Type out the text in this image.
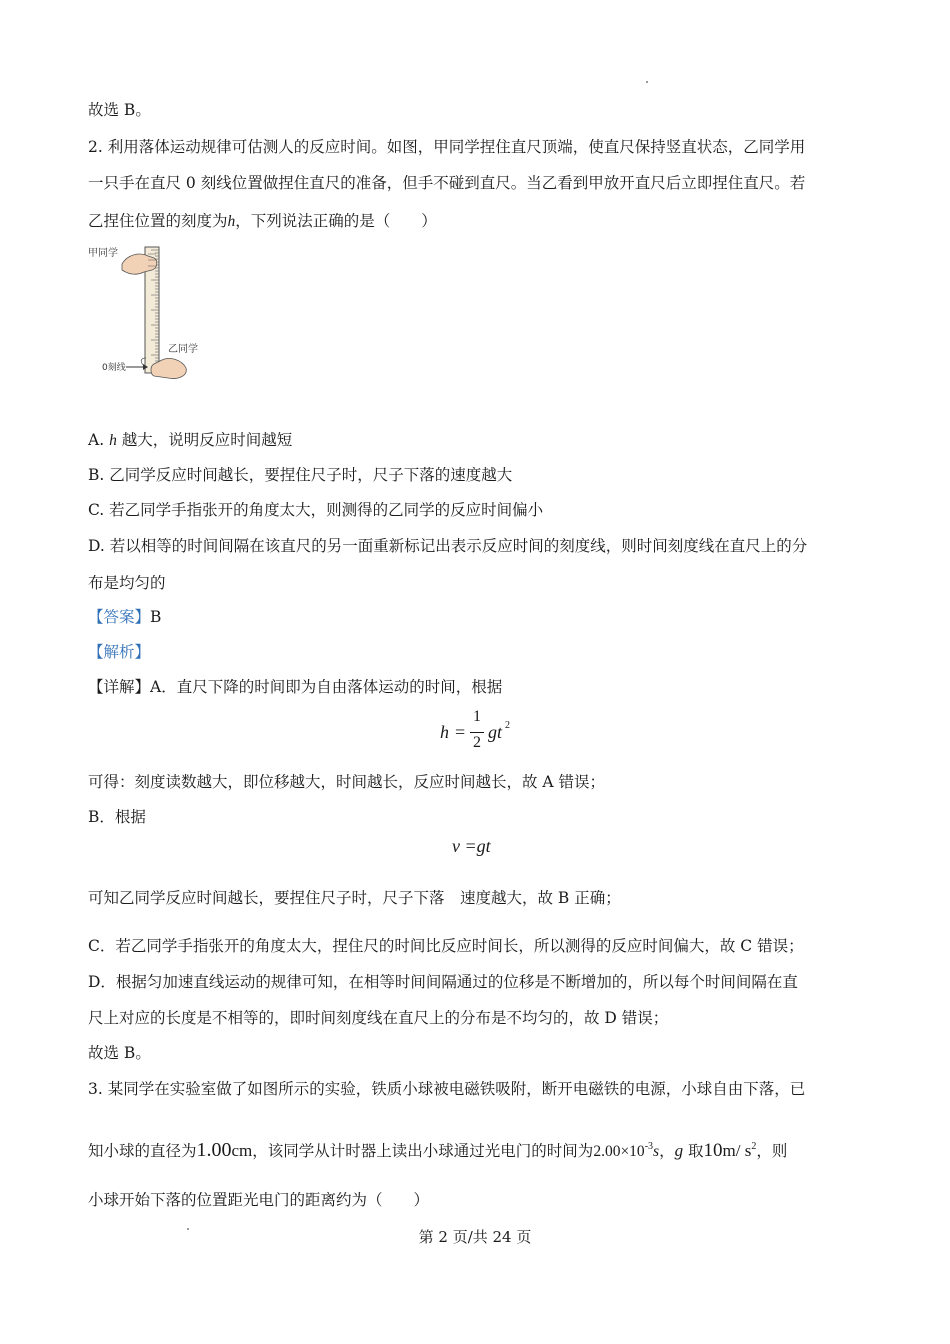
故选 B。
2. 利用落体运动规律可估测人的反应时间。如图，甲同学捏住直尺顶端，使直尺保持竖直状态，乙同学用
一只手在直尺 0 刻线位置做捏住直尺的准备，但手不碰到直尺。当乙看到甲放开直尺后立即捏住直尺。若
乙捏住位置的刻度为h，下列说法正确的是（　　）
甲同学
乙同学
0刻线
A. h 越大，说明反应时间越短
B. 乙同学反应时间越长，要捏住尺子时，尺子下落的速度越大
C. 若乙同学手指张开的角度太大，则测得的乙同学的反应时间偏小
D. 若以相等的时间间隔在该直尺的另一面重新标记出表示反应时间的刻度线，则时间刻度线在直尺上的分
布是均匀的
【答案】B
【解析】
【详解】A．直尺下降的时间即为自由落体运动的时间，根据
h =
1
2
gt 2
可得：刻度读数越大，即位移越大，时间越长，反应时间越长，故 A 错误；
B．根据
v =gt
可知乙同学反应时间越长，要捏住尺子时，尺子下落　速度越大，故 B 正确；
C．若乙同学手指张开的角度太大，捏住尺的时间比反应时间长，所以测得的反应时间偏大，故 C 错误；
D．根据匀加速直线运动的规律可知，在相等时间间隔通过的位移是不断增加的，所以每个时间间隔在直
尺上对应的长度是不相等的，即时间刻度线在直尺上的分布是不均匀的，故 D 错误；
故选 B。
3. 某同学在实验室做了如图所示的实验，铁质小球被电磁铁吸附，断开电磁铁的电源，小球自由下落，已
知小球的直径为1.00cm，该同学从计时器上读出小球通过光电门的时间为$2.00\times 10^{-3}s$，g 取10m/ $s^2$，则
小球开始下落的位置距光电门的距离约为（　　）
第 2 页/共 24 页
